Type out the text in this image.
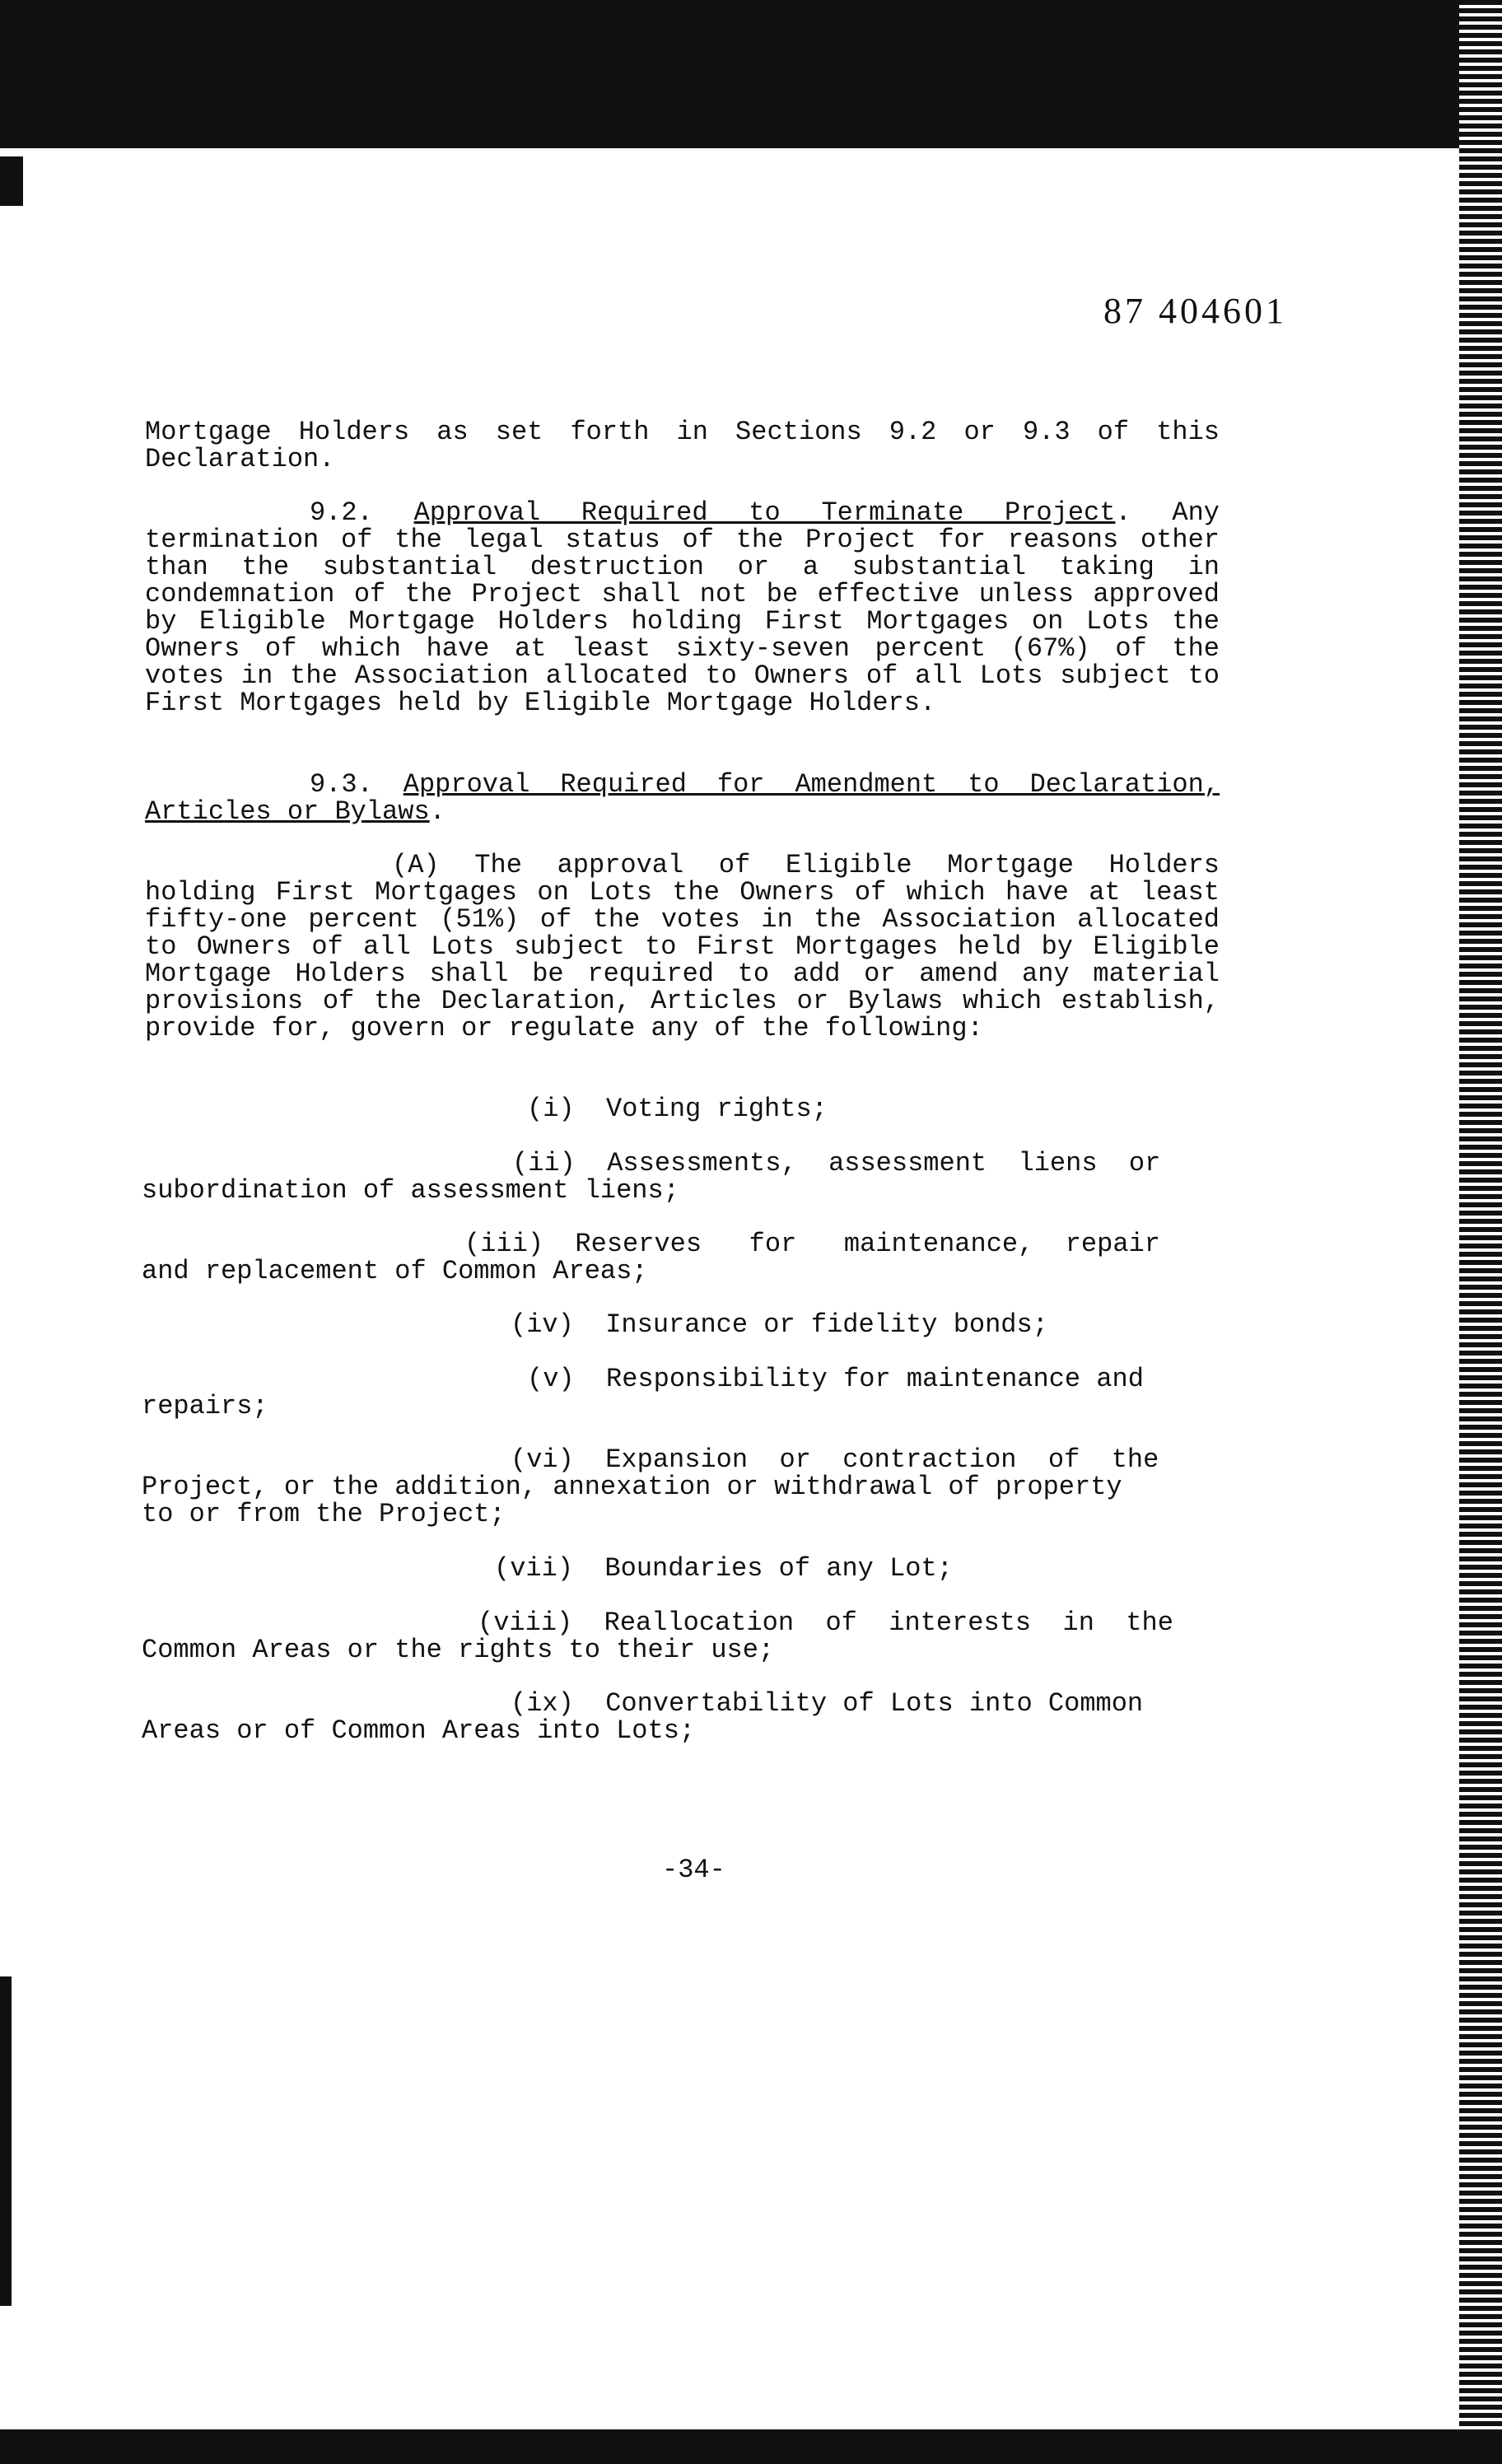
87 404601
Mortgage Holders as set forth in Sections 9.2 or 9.3 of this Declaration.
9.2. Approval Required to Terminate Project. Any termination of the legal status of the Project for reasons other than the substantial destruction or a substantial taking in condemnation of the Project shall not be effective unless approved by Eligible Mortgage Holders holding First Mortgages on Lots the Owners of which have at least sixty-seven percent (67%) of the votes in the Association allocated to Owners of all Lots subject to First Mortgages held by Eligible Mortgage Holders.
9.3. Approval Required for Amendment to Declaration, Articles or Bylaws.
(A) The approval of Eligible Mortgage Holders holding First Mortgages on Lots the Owners of which have at least fifty-one percent (51%) of the votes in the Association allocated to Owners of all Lots subject to First Mortgages held by Eligible Mortgage Holders shall be required to add or amend any material provisions of the Declaration, Articles or Bylaws which establish, provide for, govern or regulate any of the following:
(i)  Voting rights;
(ii)  Assessments,  assessment  liens  or
subordination of assessment liens;
(iii)  Reserves   for   maintenance,  repair
and replacement of Common Areas;
(iv)  Insurance or fidelity bonds;
(v)  Responsibility for maintenance and
repairs;
(vi)  Expansion  or  contraction  of  the
Project, or the addition, annexation or withdrawal of property
to or from the Project;
(vii)  Boundaries of any Lot;
(viii)  Reallocation  of  interests  in  the
Common Areas or the rights to their use;
(ix)  Convertability of Lots into Common
Areas or of Common Areas into Lots;
-34-
